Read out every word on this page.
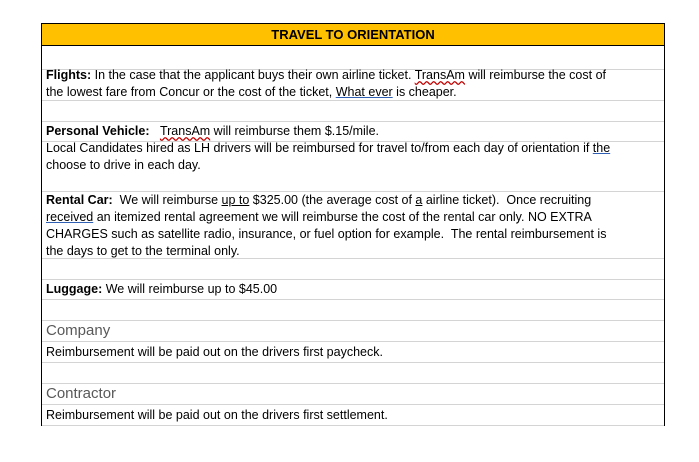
TRAVEL TO ORIENTATION
Flights: In the case that the applicant buys their own airline ticket. TransAm will reimburse the cost of
the lowest fare from Concur or the cost of the ticket, What ever is cheaper.
Personal Vehicle: TransAm will reimburse them $.15/mile.
Local Candidates hired as LH drivers will be reimbursed for travel to/from each day of orientation if the
choose to drive in each day.
Rental Car:  We will reimburse up to $325.00 (the average cost of a airline ticket).  Once recruiting
received an itemized rental agreement we will reimburse the cost of the rental car only. NO EXTRA
CHARGES such as satellite radio, insurance, or fuel option for example.  The rental reimbursement is
the days to get to the terminal only.
Luggage: We will reimburse up to $45.00
Company
Reimbursement will be paid out on the drivers first paycheck.
Contractor
Reimbursement will be paid out on the drivers first settlement.
